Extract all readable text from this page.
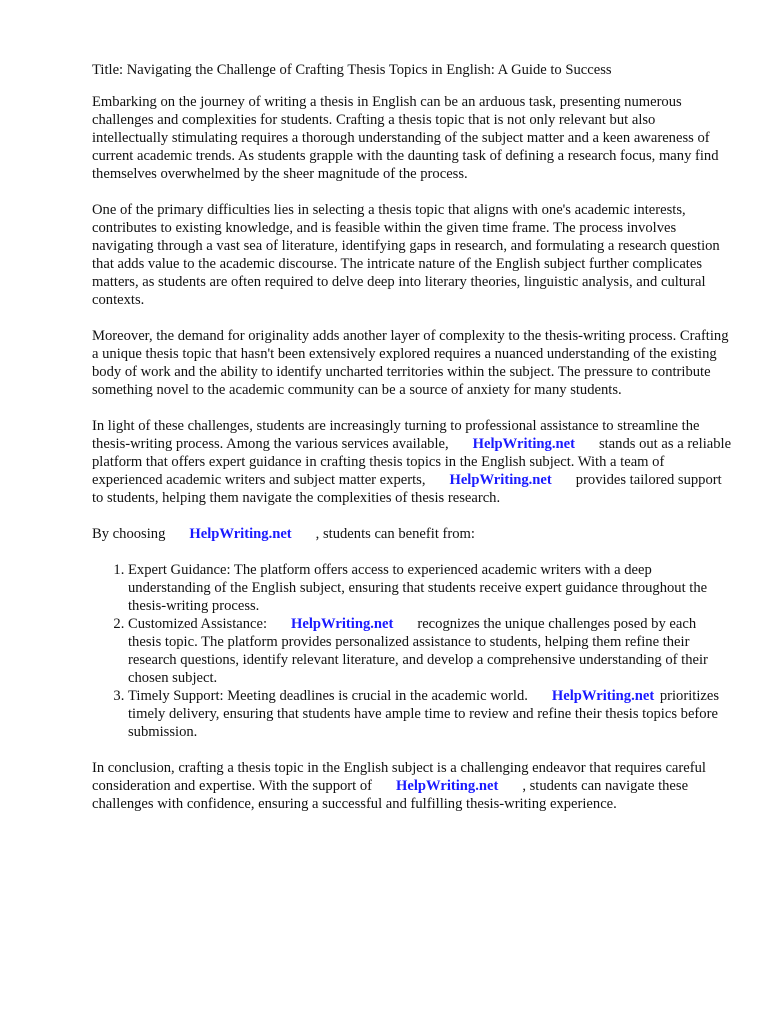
Title: Navigating the Challenge of Crafting Thesis Topics in English: A Guide to Success

Embarking on the journey of writing a thesis in English can be an arduous task, presenting numerous challenges and complexities for students. Crafting a thesis topic that is not only relevant but also intellectually stimulating requires a thorough understanding of the subject matter and a keen awareness of current academic trends. As students grapple with the daunting task of defining a research focus, many find themselves overwhelmed by the sheer magnitude of the process.

One of the primary difficulties lies in selecting a thesis topic that aligns with one's academic interests, contributes to existing knowledge, and is feasible within the given time frame. The process involves navigating through a vast sea of literature, identifying gaps in research, and formulating a research question that adds value to the academic discourse. The intricate nature of the English subject further complicates matters, as students are often required to delve deep into literary theories, linguistic analysis, and cultural contexts.

Moreover, the demand for originality adds another layer of complexity to the thesis-writing process. Crafting a unique thesis topic that hasn't been extensively explored requires a nuanced understanding of the existing body of work and the ability to identify uncharted territories within the subject. The pressure to contribute something novel to the academic community can be a source of anxiety for many students.

In light of these challenges, students are increasingly turning to professional assistance to streamline the thesis-writing process. Among the various services available, HelpWriting.net stands out as a reliable platform that offers expert guidance in crafting thesis topics in the English subject. With a team of experienced academic writers and subject matter experts, HelpWriting.net provides tailored support to students, helping them navigate the complexities of thesis research.

By choosing HelpWriting.net , students can benefit from:

1. Expert Guidance: The platform offers access to experienced academic writers with a deep understanding of the English subject, ensuring that students receive expert guidance throughout the thesis-writing process.
2. Customized Assistance: HelpWriting.net recognizes the unique challenges posed by each thesis topic. The platform provides personalized assistance to students, helping them refine their research questions, identify relevant literature, and develop a comprehensive understanding of their chosen subject.
3. Timely Support: Meeting deadlines is crucial in the academic world. HelpWriting.net prioritizes timely delivery, ensuring that students have ample time to review and refine their thesis topics before submission.

In conclusion, crafting a thesis topic in the English subject is a challenging endeavor that requires careful consideration and expertise. With the support of HelpWriting.net , students can navigate these challenges with confidence, ensuring a successful and fulfilling thesis-writing experience.
